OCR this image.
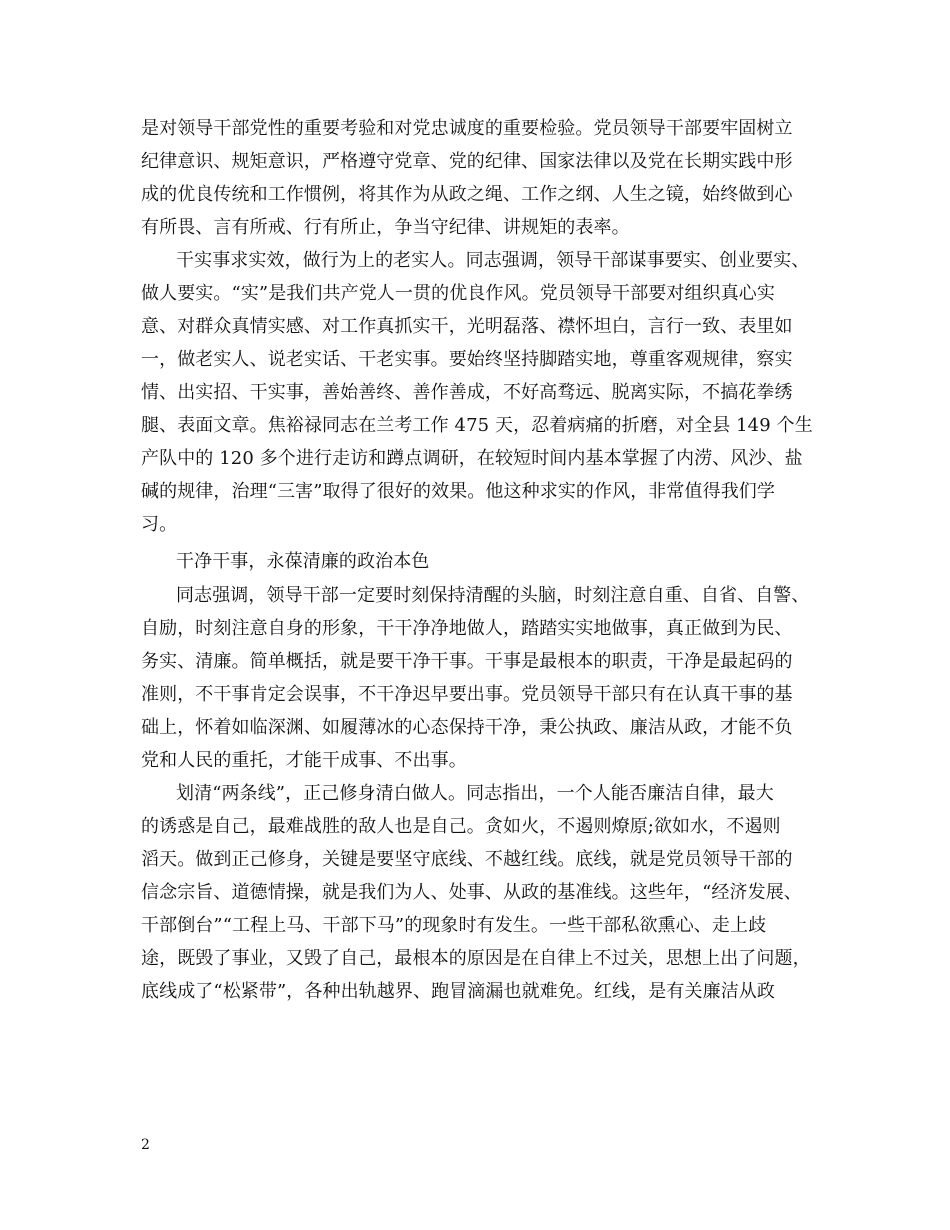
是对领导干部党性的重要考验和对党忠诚度的重要检验。党员领导干部要牢固树立
纪律意识、规矩意识，严格遵守党章、党的纪律、国家法律以及党在长期实践中形
成的优良传统和工作惯例，将其作为从政之绳、工作之纲、人生之镜，始终做到心
有所畏、言有所戒、行有所止，争当守纪律、讲规矩的表率。
干实事求实效，做行为上的老实人。同志强调，领导干部谋事要实、创业要实、
做人要实。“实”是我们共产党人一贯的优良作风。党员领导干部要对组织真心实
意、对群众真情实感、对工作真抓实干，光明磊落、襟怀坦白，言行一致、表里如
一，做老实人、说老实话、干老实事。要始终坚持脚踏实地，尊重客观规律，察实
情、出实招、干实事，善始善终、善作善成，不好高骛远、脱离实际，不搞花拳绣
腿、表面文章。焦裕禄同志在兰考工作 475 天，忍着病痛的折磨，对全县 149 个生
产队中的 120 多个进行走访和蹲点调研，在较短时间内基本掌握了内涝、风沙、盐
碱的规律，治理“三害”取得了很好的效果。他这种求实的作风，非常值得我们学
习。
干净干事，永葆清廉的政治本色
同志强调，领导干部一定要时刻保持清醒的头脑，时刻注意自重、自省、自警、
自励，时刻注意自身的形象，干干净净地做人，踏踏实实地做事，真正做到为民、
务实、清廉。简单概括，就是要干净干事。干事是最根本的职责，干净是最起码的
准则，不干事肯定会误事，不干净迟早要出事。党员领导干部只有在认真干事的基
础上，怀着如临深渊、如履薄冰的心态保持干净，秉公执政、廉洁从政，才能不负
党和人民的重托，才能干成事、不出事。
划清“两条线”，正己修身清白做人。同志指出，一个人能否廉洁自律，最大
的诱惑是自己，最难战胜的敌人也是自己。贪如火，不遏则燎原;欲如水，不遏则
滔天。做到正己修身，关键是要坚守底线、不越红线。底线，就是党员领导干部的
信念宗旨、道德情操，就是我们为人、处事、从政的基准线。这些年，“经济发展、
干部倒台”“工程上马、干部下马”的现象时有发生。一些干部私欲熏心、走上歧
途，既毁了事业，又毁了自己，最根本的原因是在自律上不过关，思想上出了问题，
底线成了“松紧带”，各种出轨越界、跑冒滴漏也就难免。红线，是有关廉洁从政
2
